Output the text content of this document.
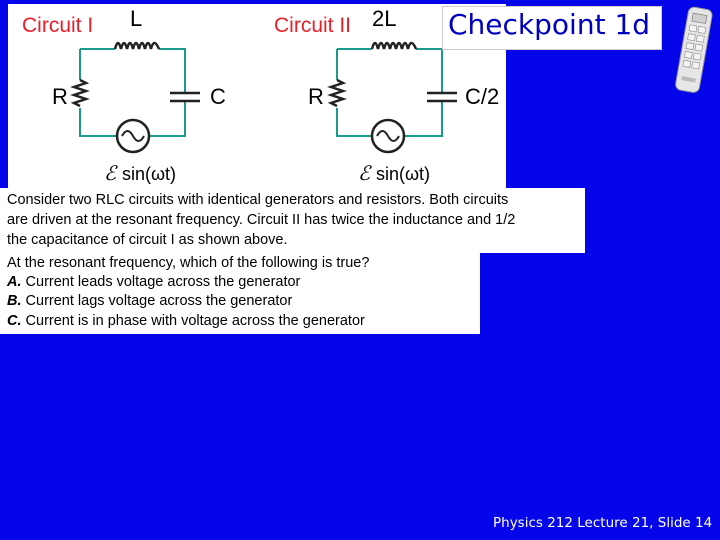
Circuit I L
R	C
ℰ sin(ωt)
Circuit II 2L
R	C/2
ℰ sin(ωt)
Checkpoint 1d
Consider two RLC circuits with identical generators and resistors. Both circuits
are driven at the resonant frequency. Circuit II has twice the inductance and 1/2
the capacitance of circuit I as shown above.
At the resonant frequency, which of the following is true?
A. Current leads voltage across the generator
B. Current lags voltage across the generator
C. Current is in phase with voltage across the generator
Physics 212 Lecture 21, Slide 14
